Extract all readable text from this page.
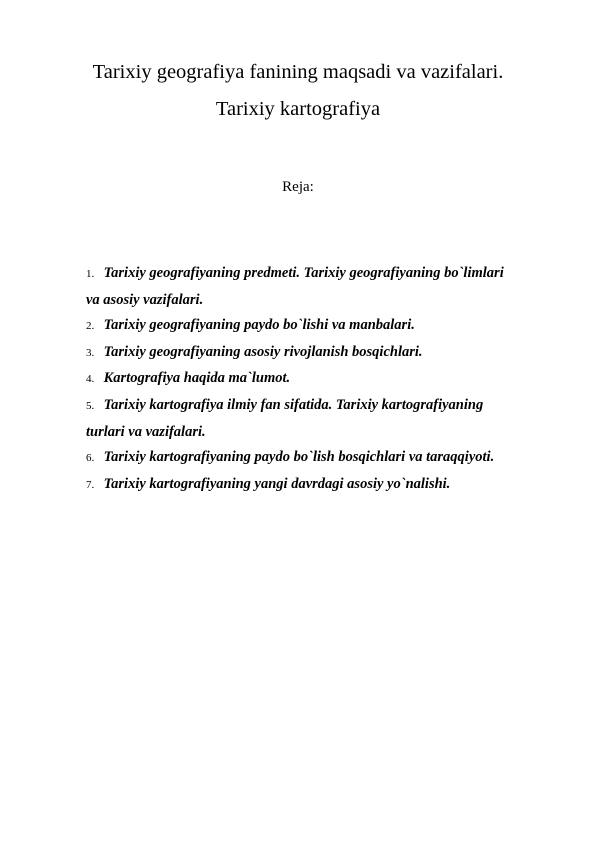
Tarixiy geografiya fanining maqsadi va vazifalari.
Tarixiy kartografiya
Reja:
1. Tarixiy geografiyaning predmeti. Tarixiy geografiyaning bo`limlari
va asosiy vazifalari.
2. Tarixiy geografiyaning paydo bo`lishi va manbalari.
3. Tarixiy geografiyaning asosiy rivojlanish bosqichlari.
4. Kartografiya haqida ma`lumot.
5. Tarixiy kartografiya ilmiy fan sifatida. Tarixiy kartografiyaning
turlari va vazifalari.
6. Tarixiy kartografiyaning paydo bo`lish bosqichlari va taraqqiyoti.
7. Tarixiy kartografiyaning yangi davrdagi asosiy yo`nalishi.
